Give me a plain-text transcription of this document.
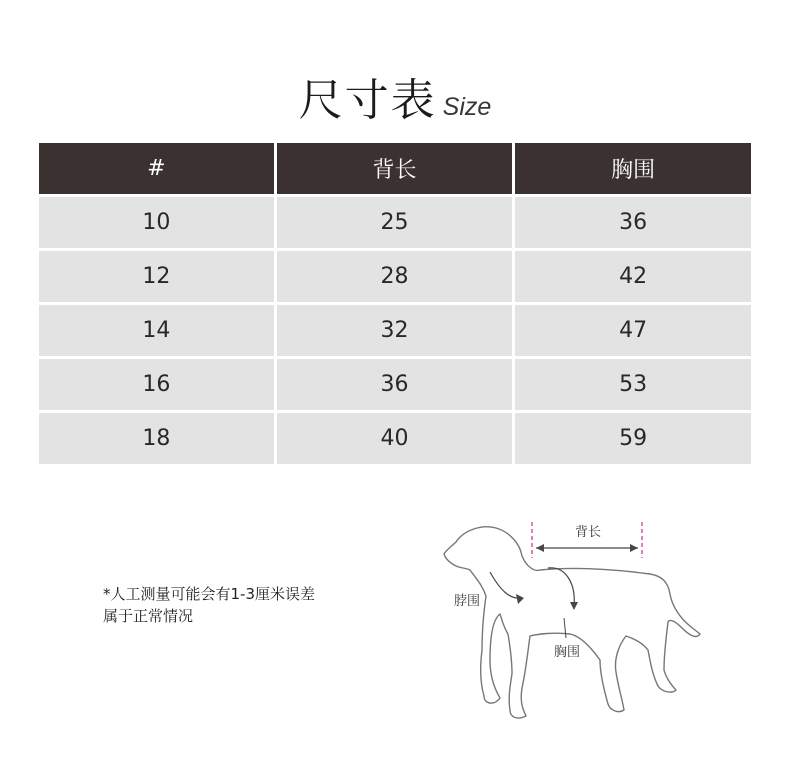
尺寸表 Size
#	背长	胸围
10	25	36
12	28	42
14	32	47
16	36	53
18	40	59
*人工测量可能会有1-3厘米误差
属于正常情况
背长
脖围
胸围
